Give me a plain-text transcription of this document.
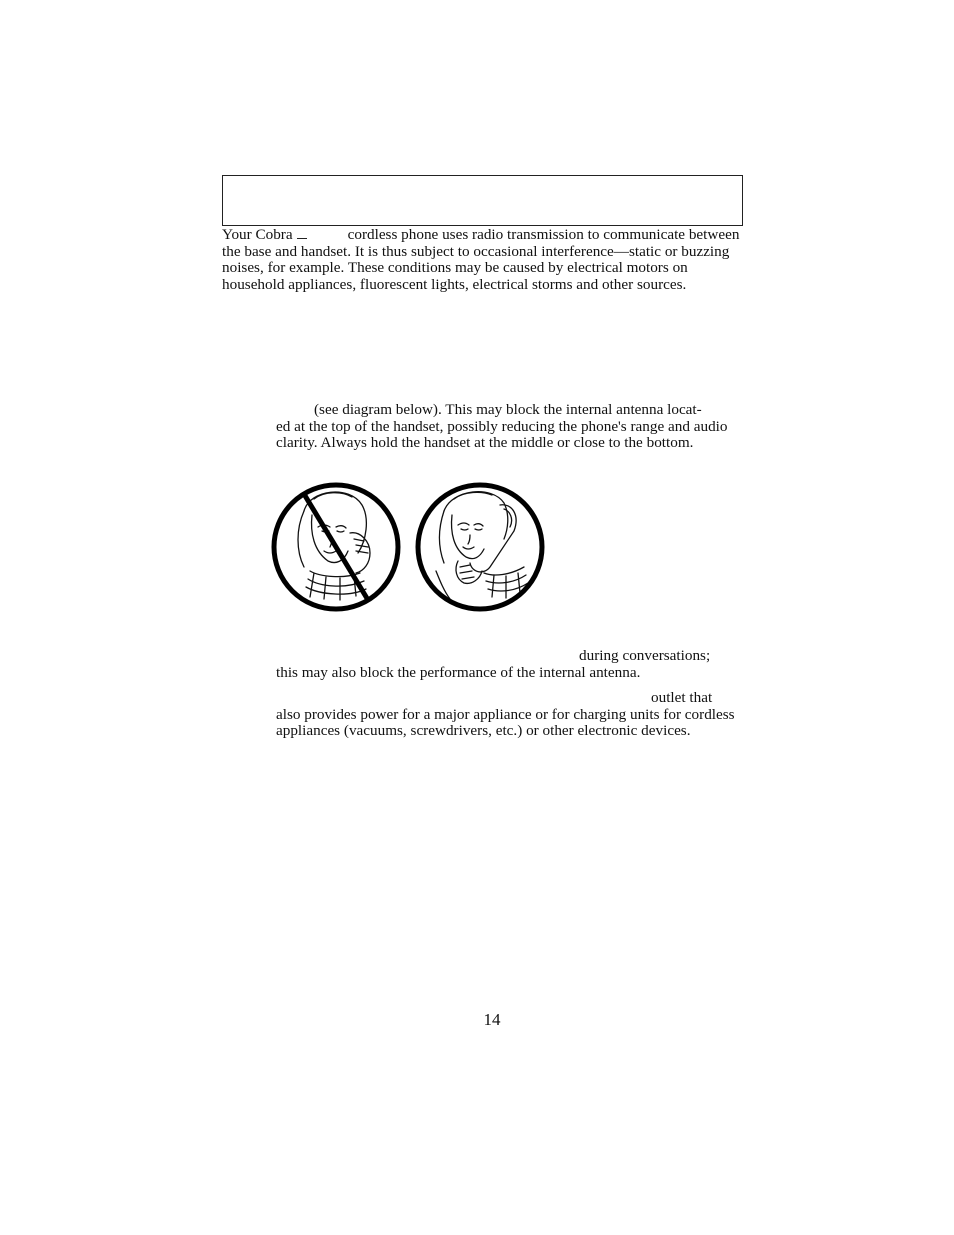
Your Cobra	cordless phone uses radio transmission to communicate between the base and handset. It is thus subject to occasional interference—static or buzzing noises, for example. These conditions may be caused by electrical motors on household appliances, fluorescent lights, electrical storms and other sources.

(see diagram below). This may block the internal antenna locat-

ed at the top of the handset, possibly reducing the phone's range and audio clarity. Always hold the handset at the middle or close to the bottom.

during conversations;

this may also block the performance of the internal antenna.

outlet that

also provides power for a major appliance or for charging units for cordless appliances (vacuums, screwdrivers, etc.) or other electronic devices.

14
